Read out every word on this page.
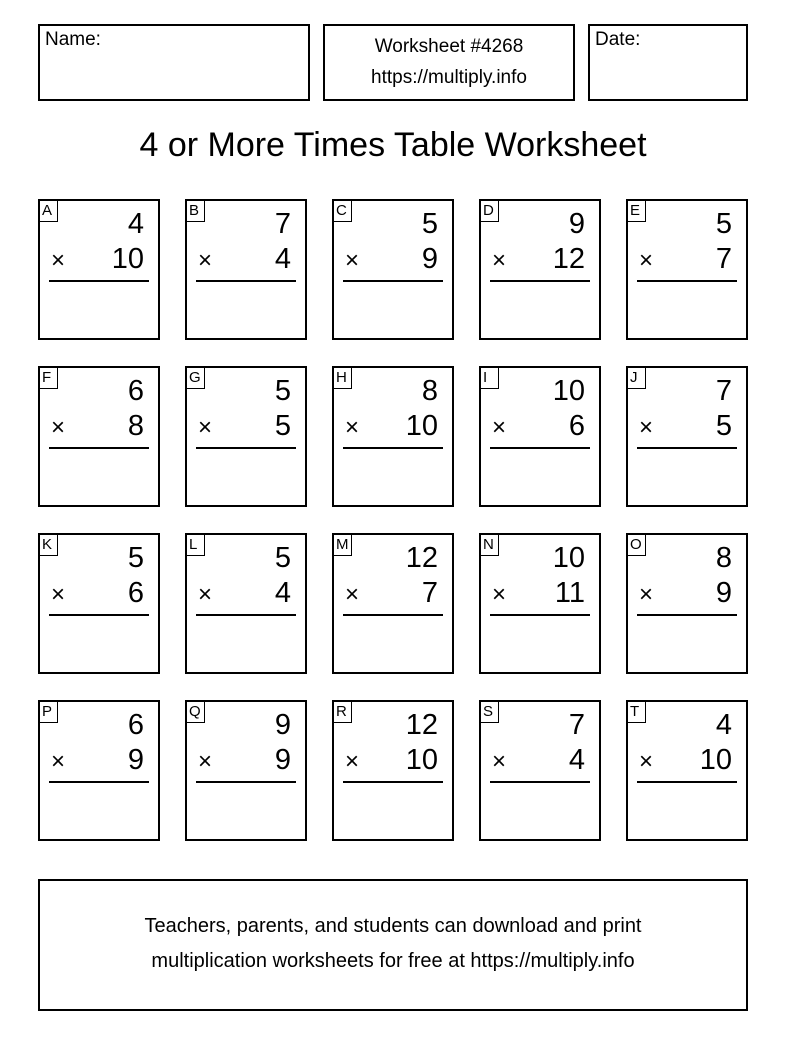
Name:	Worksheet #4268
https://multiply.info
Date:
4 or More Times Table Worksheet
A	4
× 10
B	7
× 4
C	5
× 9
D	9
× 12
E	5
× 7
F	6
× 8
G	5
× 5
H	8
× 10
I	10
× 6
J	7
× 5
K	5
× 6
L	5
× 4
M 12
× 7
N 10
× 11
O	8
× 9
P	6
× 9
Q	9
× 9
R 12
× 10
S	7
× 4
T	4
× 10
Teachers, parents, and students can download and print
multiplication worksheets for free at https://multiply.info
